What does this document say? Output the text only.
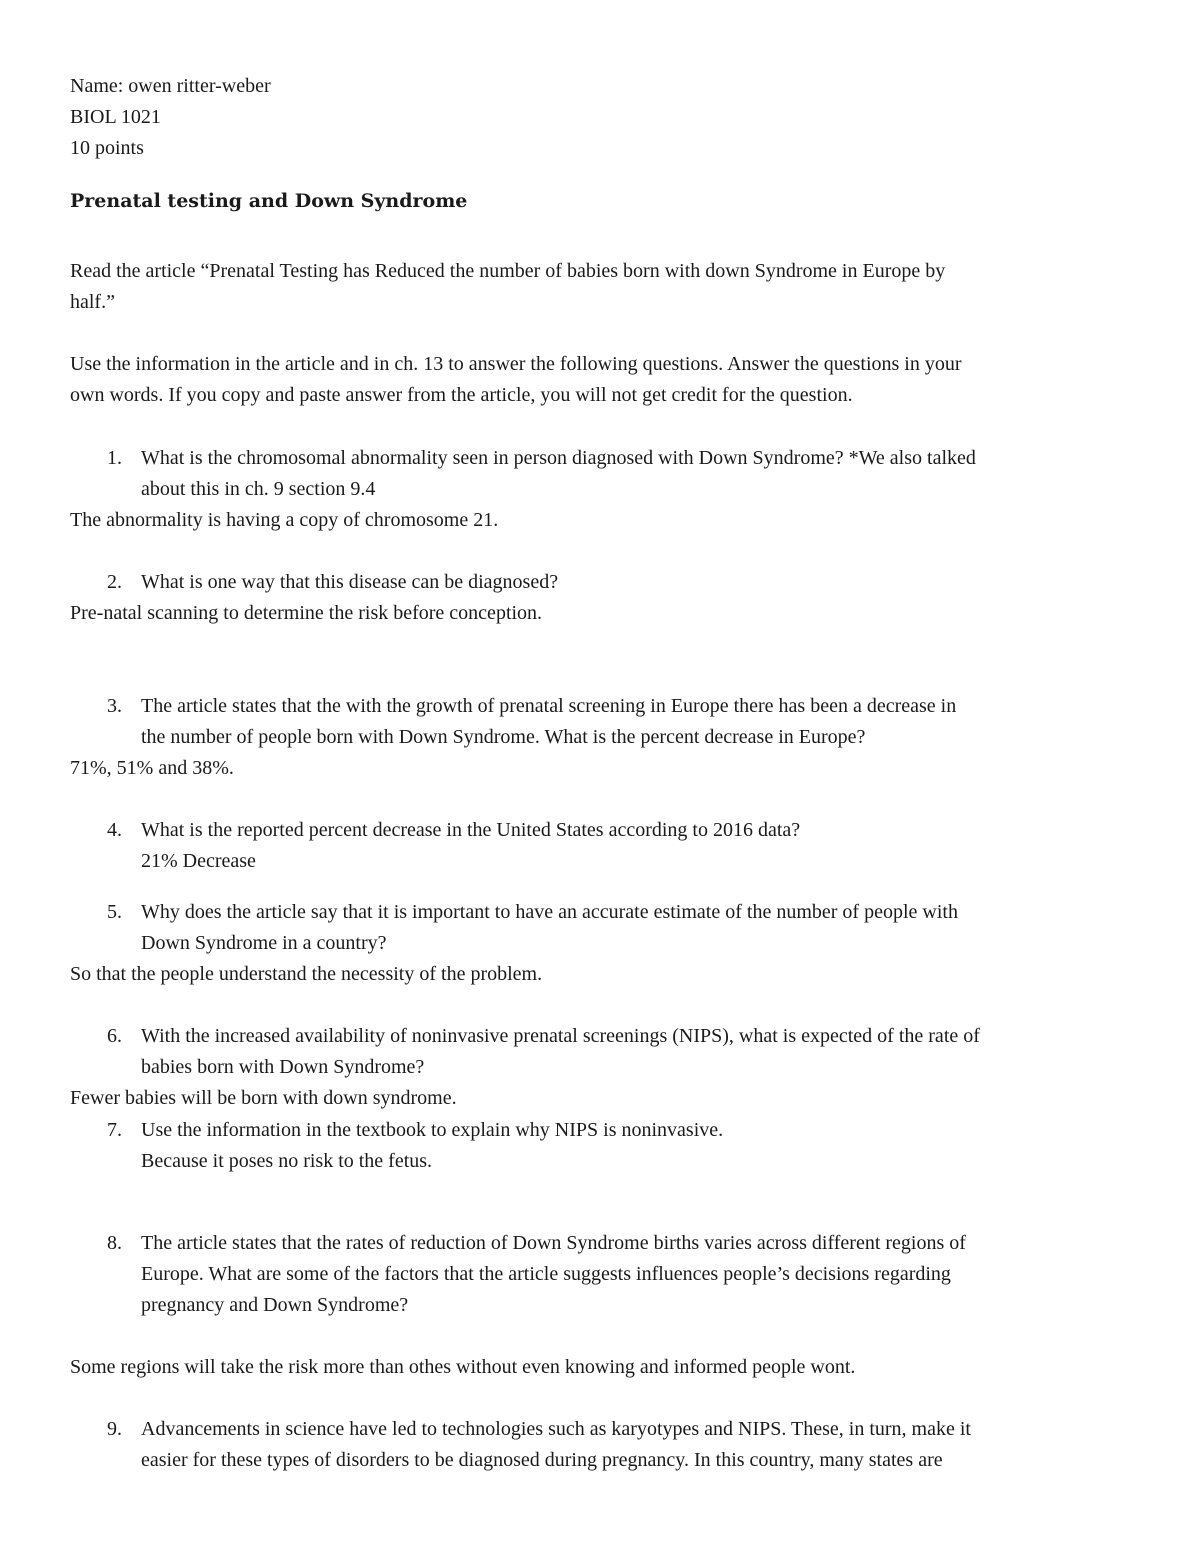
Name: owen ritter-weber
BIOL 1021
10 points
Prenatal testing and Down Syndrome
Read the article “Prenatal Testing has Reduced the number of babies born with down Syndrome in Europe by
half.”
Use the information in the article and in ch. 13 to answer the following questions. Answer the questions in your
own words. If you copy and paste answer from the article, you will not get credit for the question.
1. What is the chromosomal abnormality seen in person diagnosed with Down Syndrome? *We also talked
about this in ch. 9 section 9.4
The abnormality is having a copy of chromosome 21.
2. What is one way that this disease can be diagnosed?
Pre-natal scanning to determine the risk before conception.
3. The article states that the with the growth of prenatal screening in Europe there has been a decrease in
the number of people born with Down Syndrome. What is the percent decrease in Europe?
71%, 51% and 38%.
4. What is the reported percent decrease in the United States according to 2016 data?
21% Decrease
5. Why does the article say that it is important to have an accurate estimate of the number of people with
Down Syndrome in a country?
So that the people understand the necessity of the problem.
6. With the increased availability of noninvasive prenatal screenings (NIPS), what is expected of the rate of
babies born with Down Syndrome?
Fewer babies will be born with down syndrome.
7. Use the information in the textbook to explain why NIPS is noninvasive.
Because it poses no risk to the fetus.
8. The article states that the rates of reduction of Down Syndrome births varies across different regions of
Europe. What are some of the factors that the article suggests influences people’s decisions regarding
pregnancy and Down Syndrome?
Some regions will take the risk more than othes without even knowing and informed people wont.
9. Advancements in science have led to technologies such as karyotypes and NIPS. These, in turn, make it
easier for these types of disorders to be diagnosed during pregnancy. In this country, many states are
